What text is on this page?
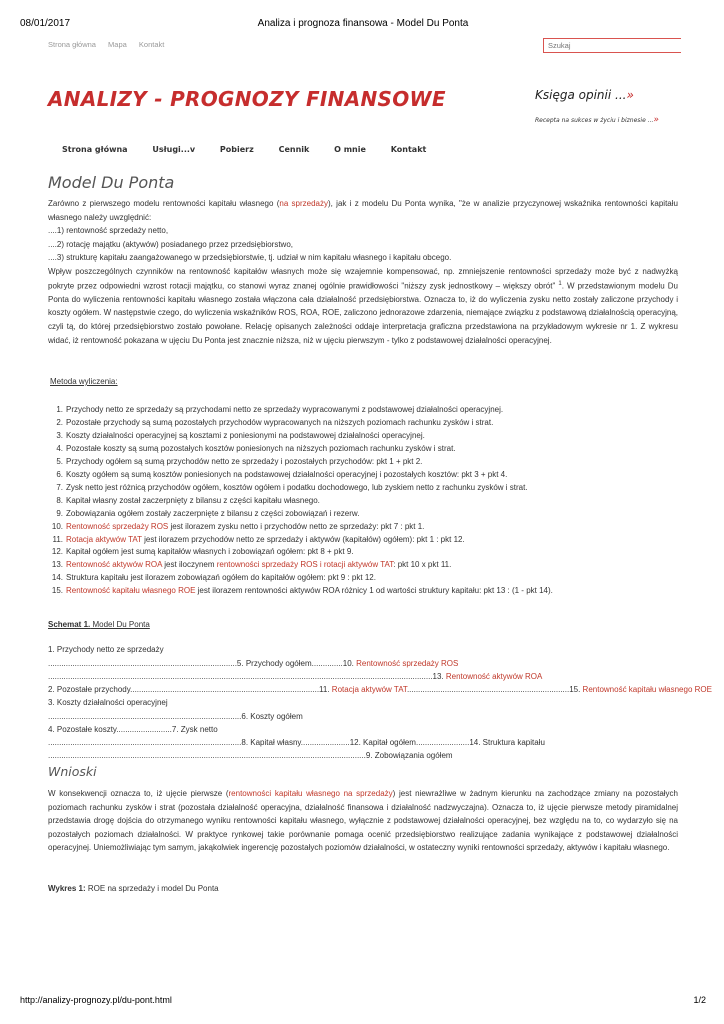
08/01/2017	Analiza i prognoza finansowa - Model Du Ponta
Strona główna Mapa Kontakt
Szukaj
ANALIZY - PROGNOZY FINANSOWE	Księga opinii ...»
Recepta na sukces w życiu i biznesie ...»
Strona główna	Usługi...v	Pobierz	Cennik	O mnie	Kontakt
Model Du Ponta

Zarówno z pierwszego modelu rentowności kapitału własnego (na sprzedaży), jak i z modelu Du Ponta wynika, "że w analizie przyczynowej wskaźnika rentowności kapitału własnego należy uwzględnić:

....1) rentowność sprzedaży netto,

....2) rotację majątku (aktywów) posiadanego przez przedsiębiorstwo,

....3) strukturę kapitału zaangażowanego w przedsiębiorstwie, tj. udział w nim kapitału własnego i kapitału obcego.

Wpływ poszczególnych czynników na rentowność kapitałów własnych może się wzajemnie kompensować, np. zmniejszenie rentowności sprzedaży może być z nadwyżką pokryte przez odpowiedni wzrost rotacji majątku, co stanowi wyraz znanej ogólnie prawidłowości "niższy zysk jednostkowy – większy obrót" $^1$. W przedstawionym modelu Du Ponta do wyliczenia rentowności kapitału własnego została włączona cała działalność przedsiębiorstwa. Oznacza to, iż do wyliczenia zysku netto zostały zaliczone przychody i koszty ogółem. W następstwie czego, do wyliczenia wskaźników ROS, ROA, ROE, zaliczono jednorazowe zdarzenia, niemające związku z podstawową działalnością operacyjną, czyli tą, do której przedsiębiorstwo zostało powołane. Relację opisanych zależności oddaje interpretacja graficzna przedstawiona na przykładowym wykresie nr 1. Z wykresu widać, iż rentowność pokazana w ujęciu Du Ponta jest znacznie niższa, niż w ujęciu pierwszym - tylko z podstawowej działalności operacyjnej.

Metoda wyliczenia:
1. Przychody netto ze sprzedaży są przychodami netto ze sprzedaży wypracowanymi z podstawowej działalności operacyjnej.
2. Pozostałe przychody są sumą pozostałych przychodów wypracowanych na niższych poziomach rachunku zysków i strat.
3. Koszty działalności operacyjnej są kosztami z poniesionymi na podstawowej działalności operacyjnej.
4. Pozostałe koszty są sumą pozostałych kosztów poniesionych na niższych poziomach rachunku zysków i strat.
5. Przychody ogółem są sumą przychodów netto ze sprzedaży i pozostałych przychodów: pkt 1 + pkt 2.
6. Koszty ogółem są sumą kosztów poniesionych na podstawowej działalności operacyjnej i pozostałych kosztów: pkt 3 + pkt 4.
7. Zysk netto jest różnicą przychodów ogółem, kosztów ogółem i podatku dochodowego, lub zyskiem netto z rachunku zysków i strat.
8. Kapitał własny został zaczerpnięty z bilansu z części kapitału własnego.
9. Zobowiązania ogółem zostały zaczerpnięte z bilansu z części zobowiązań i rezerw.
10. Rentowność sprzedaży ROS jest ilorazem zysku netto i przychodów netto ze sprzedaży: pkt 7 : pkt 1.
11. Rotacja aktywów TAT jest ilorazem przychodów netto ze sprzedaży i aktywów (kapitałów) ogółem): pkt 1 : pkt 12.
12. Kapitał ogółem jest sumą kapitałów własnych i zobowiązań ogółem: pkt 8 + pkt 9.
13. Rentowność aktywów ROA jest iloczynem rentowności sprzedaży ROS i rotacji aktywów TAT: pkt 10 x pkt 11.
14. Struktura kapitału jest ilorazem zobowiązań ogółem do kapitałów ogółem: pkt 9 : pkt 12.
15. Rentowność kapitału własnego ROE jest ilorazem rentowności aktywów ROA różnicy 1 od wartości struktury kapitału: pkt 13 : (1 - pkt 14).
Schemat 1. Model Du Ponta
1. Przychody netto ze sprzedaży
.....................................................................................5. Przychody ogółem..............10. Rentowność sprzedaży ROS
.............................................................................................................................................................................13. Rentowność aktywów ROA
2. Pozostałe przychody.....................................................................................11. Rotacja aktywów TAT.........................................................................15. Rentowność kapitału własnego ROE
3. Koszty działalności operacyjnej
.......................................................................................6. Koszty ogółem
4. Pozostałe koszty.........................7. Zysk netto
.......................................................................................8. Kapitał własny......................12. Kapitał ogółem........................14. Struktura kapitału
...............................................................................................................................................9. Zobowiązania ogółem
Wnioski

W konsekwencji oznacza to, iż ujęcie pierwsze (rentowności kapitału własnego na sprzedaży) jest niewrażliwe w żadnym kierunku na zachodzące zmiany na pozostałych poziomach rachunku zysków i strat (pozostała działalność operacyjna, działalność finansowa i działalność nadzwyczajna). Oznacza to, iż ujęcie pierwsze metody piramidalnej przedstawia drogę dojścia do otrzymanego wyniku rentowności kapitału własnego, wyłącznie z podstawowej działalności operacyjnej, bez względu na to, co wydarzyło się na pozostałych poziomach działalności. W praktyce rynkowej takie porównanie pomaga ocenić przedsiębiorstwo realizujące zadania wynikające z podstawowej działalności operacyjnej. Uniemożliwiając tym samym, jakąkolwiek ingerencję pozostałych poziomów działalności, w ostateczny wyniki rentowności sprzedaży, aktywów i kapitału własnego.

Wykres 1: ROE na sprzedaży i model Du Ponta
http://analizy-prognozy.pl/du-pont.html	1/2
